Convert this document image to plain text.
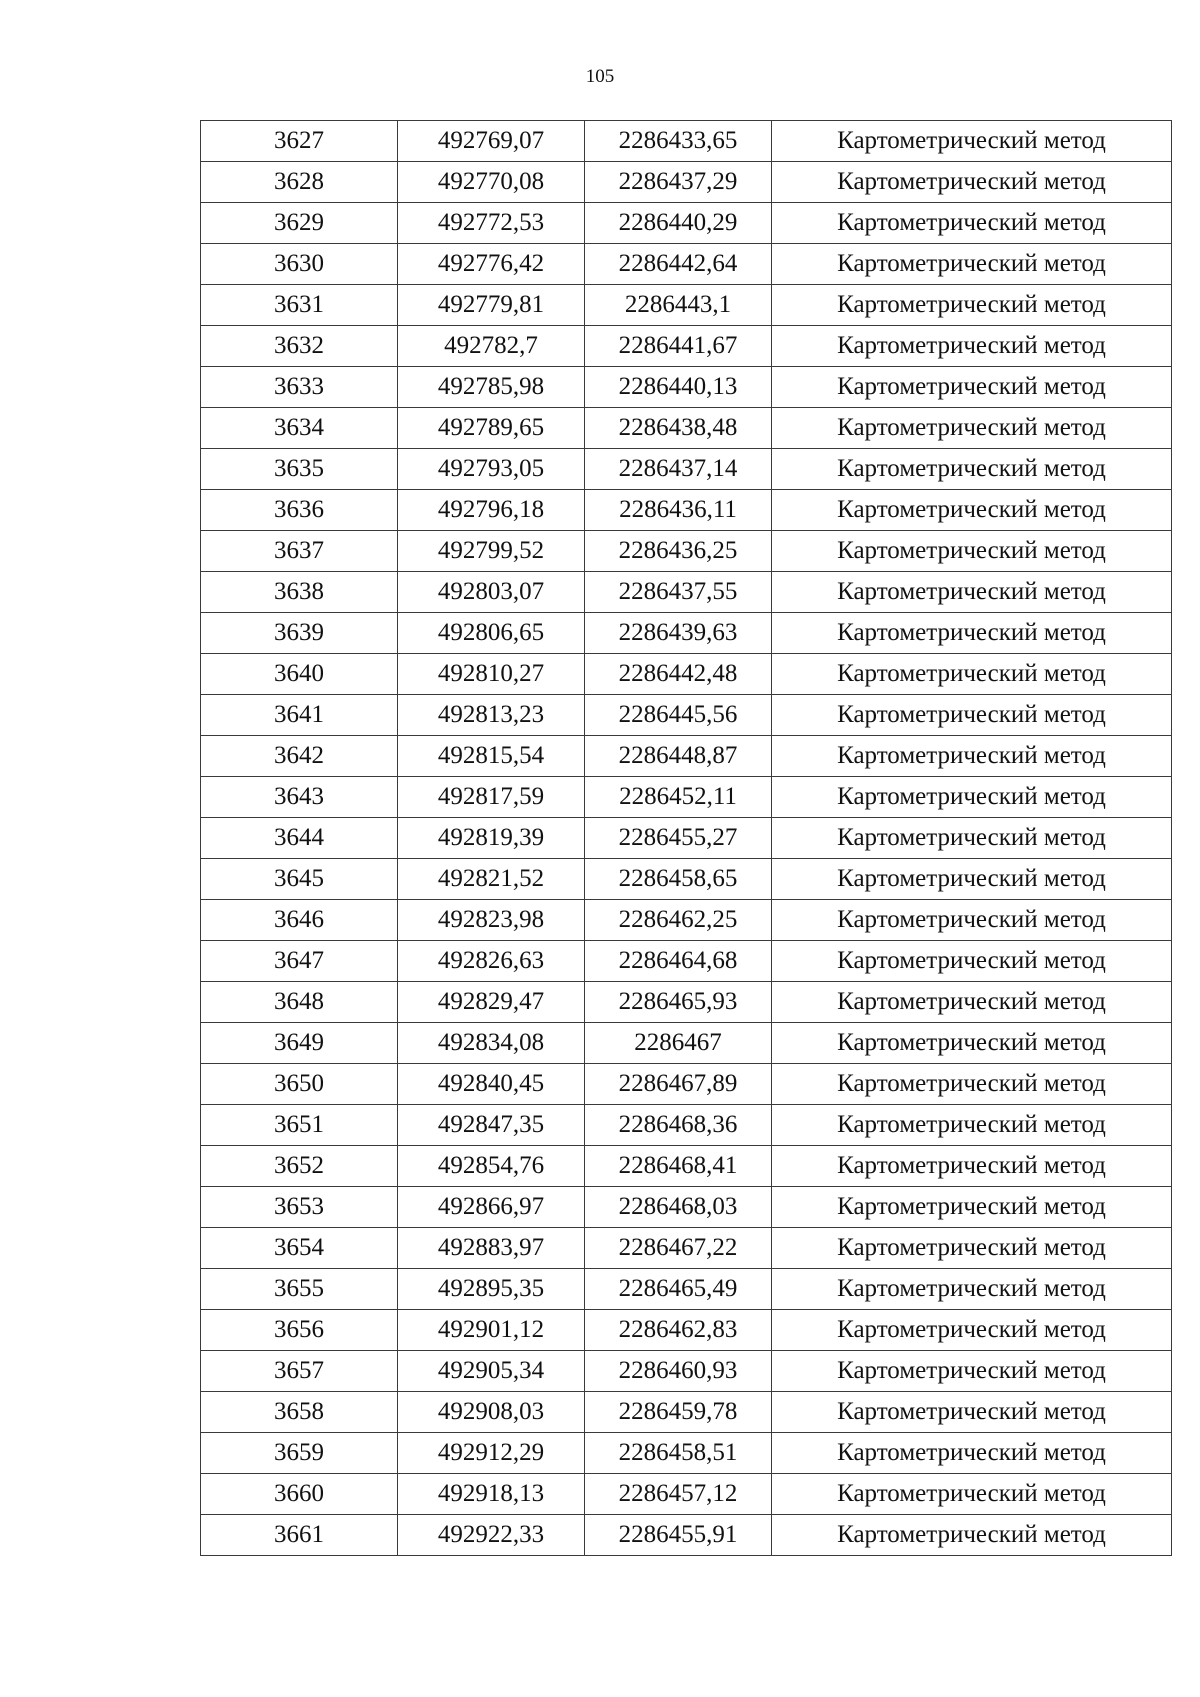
105
3627	492769,07	2286433,65	Картометрический метод
3628	492770,08	2286437,29	Картометрический метод
3629	492772,53	2286440,29	Картометрический метод
3630	492776,42	2286442,64	Картометрический метод
3631	492779,81	2286443,1	Картометрический метод
3632	492782,7	2286441,67	Картометрический метод
3633	492785,98	2286440,13	Картометрический метод
3634	492789,65	2286438,48	Картометрический метод
3635	492793,05	2286437,14	Картометрический метод
3636	492796,18	2286436,11	Картометрический метод
3637	492799,52	2286436,25	Картометрический метод
3638	492803,07	2286437,55	Картометрический метод
3639	492806,65	2286439,63	Картометрический метод
3640	492810,27	2286442,48	Картометрический метод
3641	492813,23	2286445,56	Картометрический метод
3642	492815,54	2286448,87	Картометрический метод
3643	492817,59	2286452,11	Картометрический метод
3644	492819,39	2286455,27	Картометрический метод
3645	492821,52	2286458,65	Картометрический метод
3646	492823,98	2286462,25	Картометрический метод
3647	492826,63	2286464,68	Картометрический метод
3648	492829,47	2286465,93	Картометрический метод
3649	492834,08	2286467	Картометрический метод
3650	492840,45	2286467,89	Картометрический метод
3651	492847,35	2286468,36	Картометрический метод
3652	492854,76	2286468,41	Картометрический метод
3653	492866,97	2286468,03	Картометрический метод
3654	492883,97	2286467,22	Картометрический метод
3655	492895,35	2286465,49	Картометрический метод
3656	492901,12	2286462,83	Картометрический метод
3657	492905,34	2286460,93	Картометрический метод
3658	492908,03	2286459,78	Картометрический метод
3659	492912,29	2286458,51	Картометрический метод
3660	492918,13	2286457,12	Картометрический метод
3661	492922,33	2286455,91	Картометрический метод
